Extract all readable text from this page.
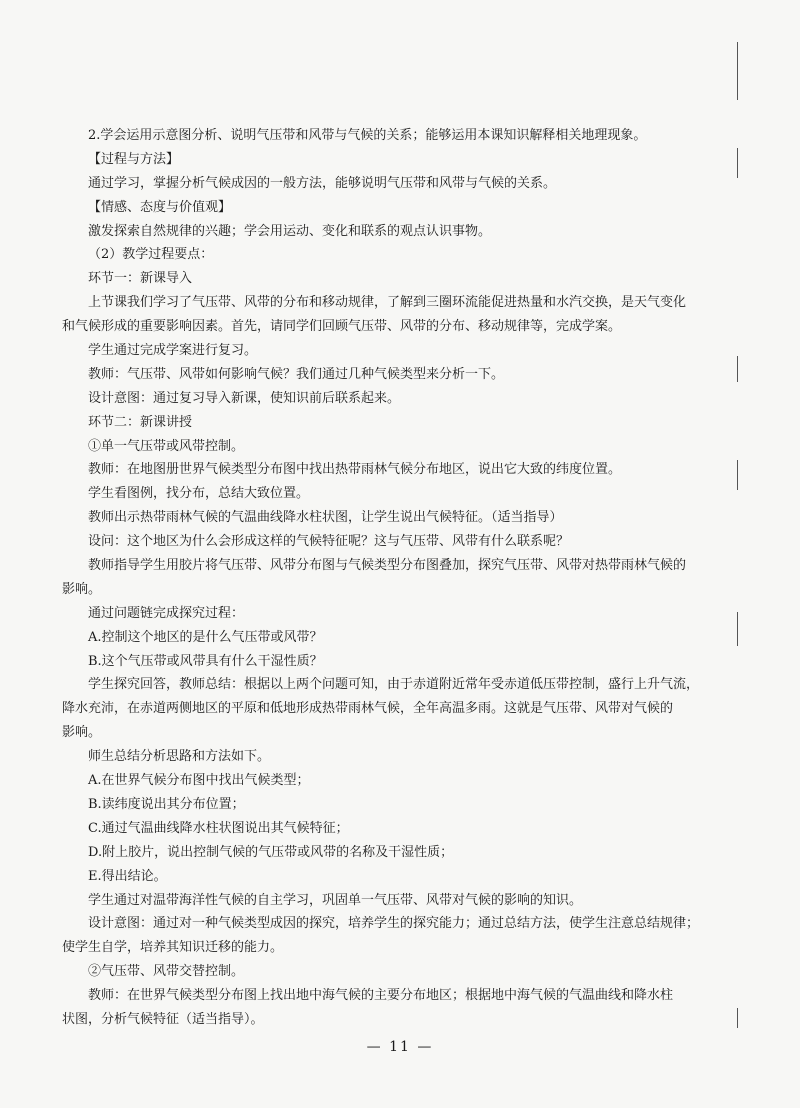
2.学会运用示意图分析、说明气压带和风带与气候的关系；能够运用本课知识解释相关地理现象。
【过程与方法】
通过学习，掌握分析气候成因的一般方法，能够说明气压带和风带与气候的关系。
【情感、态度与价值观】
激发探索自然规律的兴趣；学会用运动、变化和联系的观点认识事物。
（2）教学过程要点：
环节一：新课导入
上节课我们学习了气压带、风带的分布和移动规律，了解到三圈环流能促进热量和水汽交换，是天气变化
和气候形成的重要影响因素。首先，请同学们回顾气压带、风带的分布、移动规律等，完成学案。
学生通过完成学案进行复习。
教师：气压带、风带如何影响气候？我们通过几种气候类型来分析一下。
设计意图：通过复习导入新课，使知识前后联系起来。
环节二：新课讲授
①单一气压带或风带控制。
教师：在地图册世界气候类型分布图中找出热带雨林气候分布地区，说出它大致的纬度位置。
学生看图例，找分布，总结大致位置。
教师出示热带雨林气候的气温曲线降水柱状图，让学生说出气候特征。（适当指导）
设问：这个地区为什么会形成这样的气候特征呢？这与气压带、风带有什么联系呢？
教师指导学生用胶片将气压带、风带分布图与气候类型分布图叠加，探究气压带、风带对热带雨林气候的
影响。
通过问题链完成探究过程：
A.控制这个地区的是什么气压带或风带？
B.这个气压带或风带具有什么干湿性质？
学生探究回答，教师总结：根据以上两个问题可知，由于赤道附近常年受赤道低压带控制，盛行上升气流，
降水充沛，在赤道两侧地区的平原和低地形成热带雨林气候，全年高温多雨。这就是气压带、风带对气候的
影响。
师生总结分析思路和方法如下。
A.在世界气候分布图中找出气候类型；
B.读纬度说出其分布位置；
C.通过气温曲线降水柱状图说出其气候特征；
D.附上胶片，说出控制气候的气压带或风带的名称及干湿性质；
E.得出结论。
学生通过对温带海洋性气候的自主学习，巩固单一气压带、风带对气候的影响的知识。
设计意图：通过对一种气候类型成因的探究，培养学生的探究能力；通过总结方法，使学生注意总结规律；
使学生自学，培养其知识迁移的能力。
②气压带、风带交替控制。
教师：在世界气候类型分布图上找出地中海气候的主要分布地区；根据地中海气候的气温曲线和降水柱
状图，分析气候特征（适当指导）。
— 11 —
